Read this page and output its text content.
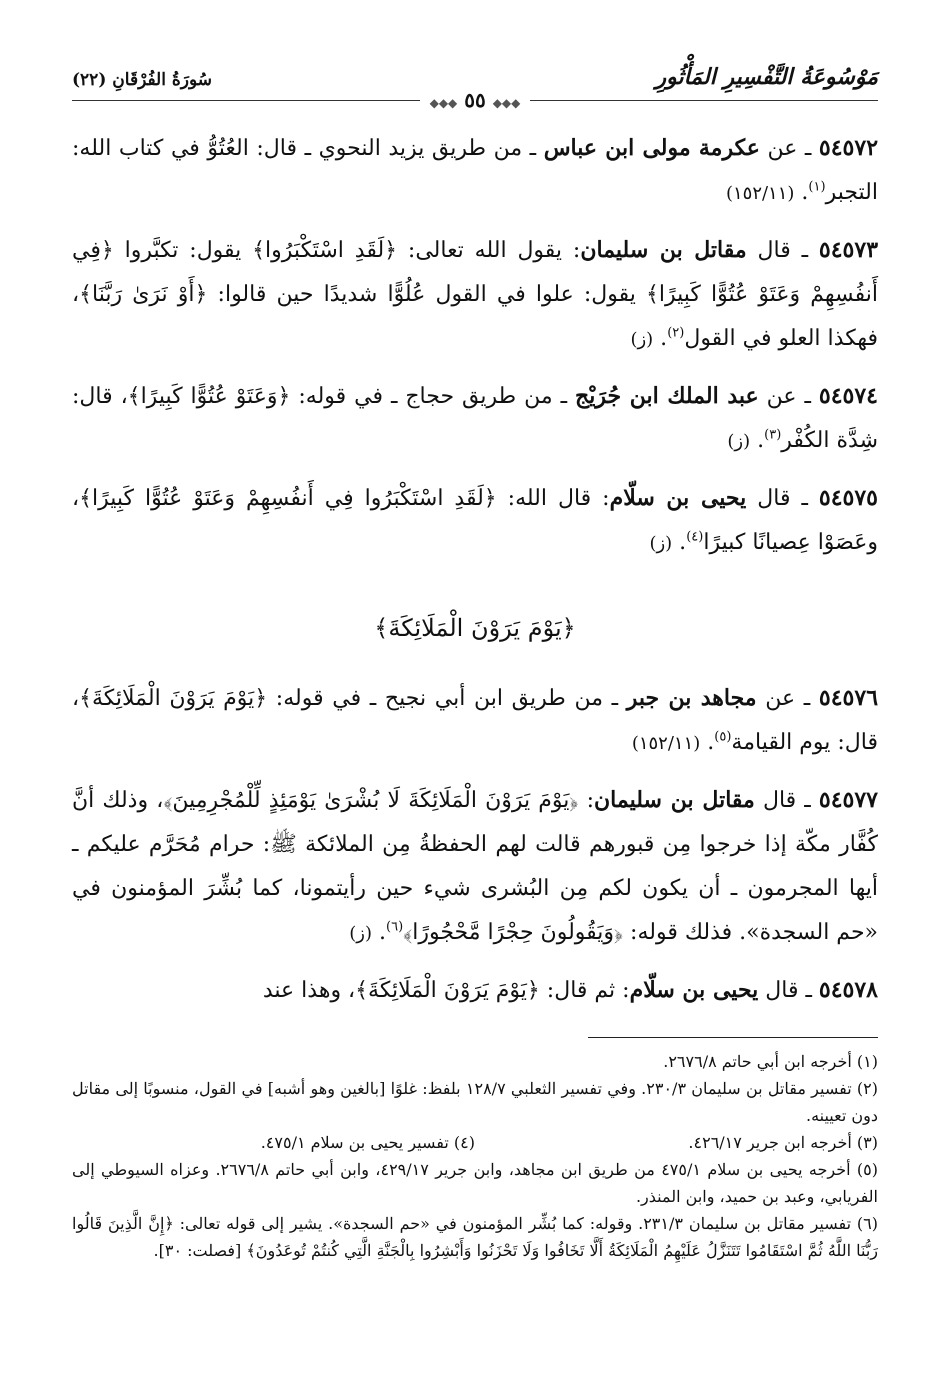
سُورَةُ الفُرْقَانِ (٢٢)	مَوْسُوعَةُ التَّفْسِيرِ المَأْثُورِ
◆◆◆ ٥٥ ◆◆◆

٥٤٥٧٢ ـ عن عكرمة مولى ابن عباس ـ من طريق يزيد النحوي ـ قال: العُتُوُّ في كتاب الله: التجبر$^{(١)}$. (١٥٢/١١)

٥٤٥٧٣ ـ قال مقاتل بن سليمان: يقول الله تعالى: ﴿لَقَدِ اسْتَكْبَرُوا﴾ يقول: تكبَّروا ﴿فِي أَنفُسِهِمْ وَعَتَوْ عُتُوًّا كَبِيرًا﴾ يقول: علوا في القول عُلُوًّا شديدًا حين قالوا: ﴿أَوْ نَرَىٰ رَبَّنَا﴾، فهكذا العلو في القول$^{(٢)}$. (ز)

٥٤٥٧٤ ـ عن عبد الملك ابن جُرَيْج ـ من طريق حجاج ـ في قوله: ﴿وَعَتَوْ عُتُوًّا كَبِيرًا﴾، قال: شِدَّة الكُفْر$^{(٣)}$. (ز)

٥٤٥٧٥ ـ قال يحيى بن سلّام: قال الله: ﴿لَقَدِ اسْتَكْبَرُوا فِي أَنفُسِهِمْ وَعَتَوْ عُتُوًّا كَبِيرًا﴾، وعَصَوْا عِصيانًا كبيرًا$^{(٤)}$. (ز)

﴿يَوْمَ يَرَوْنَ الْمَلَائِكَةَ﴾

٥٤٥٧٦ ـ عن مجاهد بن جبر ـ من طريق ابن أبي نجيح ـ في قوله: ﴿يَوْمَ يَرَوْنَ الْمَلَائِكَةَ﴾، قال: يوم القيامة$^{(٥)}$. (١٥٢/١١)

٥٤٥٧٧ ـ قال مقاتل بن سليمان: ﴿يَوْمَ يَرَوْنَ الْمَلَائِكَةَ لَا بُشْرَىٰ يَوْمَئِذٍ لِّلْمُجْرِمِينَ﴾، وذلك أنَّ كُفَّار مكّة إذا خرجوا مِن قبورهم قالت لهم الحفظةُ مِن الملائكة ﷺ: حرام مُحَرَّم عليكم ـ أيها المجرمون ـ أن يكون لكم مِن البُشرى شيء حين رأيتمونا، كما بُشِّرَ المؤمنون في «حم السجدة». فذلك قوله: ﴿وَيَقُولُونَ حِجْرًا مَّحْجُورًا﴾$^{(٦)}$. (ز)

٥٤٥٧٨ ـ قال يحيى بن سلّام: ثم قال: ﴿يَوْمَ يَرَوْنَ الْمَلَائِكَةَ﴾، وهذا عند

(١) أخرجه ابن أبي حاتم ٢٦٧٦/٨.

(٢) تفسير مقاتل بن سليمان ٢٣٠/٣. وفي تفسير الثعلبي ١٢٨/٧ بلفظ: غلوًا [بالغين وهو أشبه] في القول، منسوبًا إلى مقاتل دون تعيينه.

(٣) أخرجه ابن جرير ٤٢٦/١٧.

(٤) تفسير يحيى بن سلام ٤٧٥/١.

(٥) أخرجه يحيى بن سلام ٤٧٥/١ من طريق ابن مجاهد، وابن جرير ٤٢٩/١٧، وابن أبي حاتم ٢٦٧٦/٨. وعزاه السيوطي إلى الفريابي، وعبد بن حميد، وابن المنذر.

(٦) تفسير مقاتل بن سليمان ٢٣١/٣. وقوله: كما بُشِّر المؤمنون في «حم السجدة». يشير إلى قوله تعالى: ﴿إِنَّ الَّذِينَ قَالُوا رَبُّنَا اللَّهُ ثُمَّ اسْتَقَامُوا تَتَنَزَّلُ عَلَيْهِمُ الْمَلَائِكَةُ أَلَّا تَخَافُوا وَلَا تَحْزَنُوا وَأَبْشِرُوا بِالْجَنَّةِ الَّتِي كُنتُمْ تُوعَدُونَ﴾ [فصلت: ٣٠].
